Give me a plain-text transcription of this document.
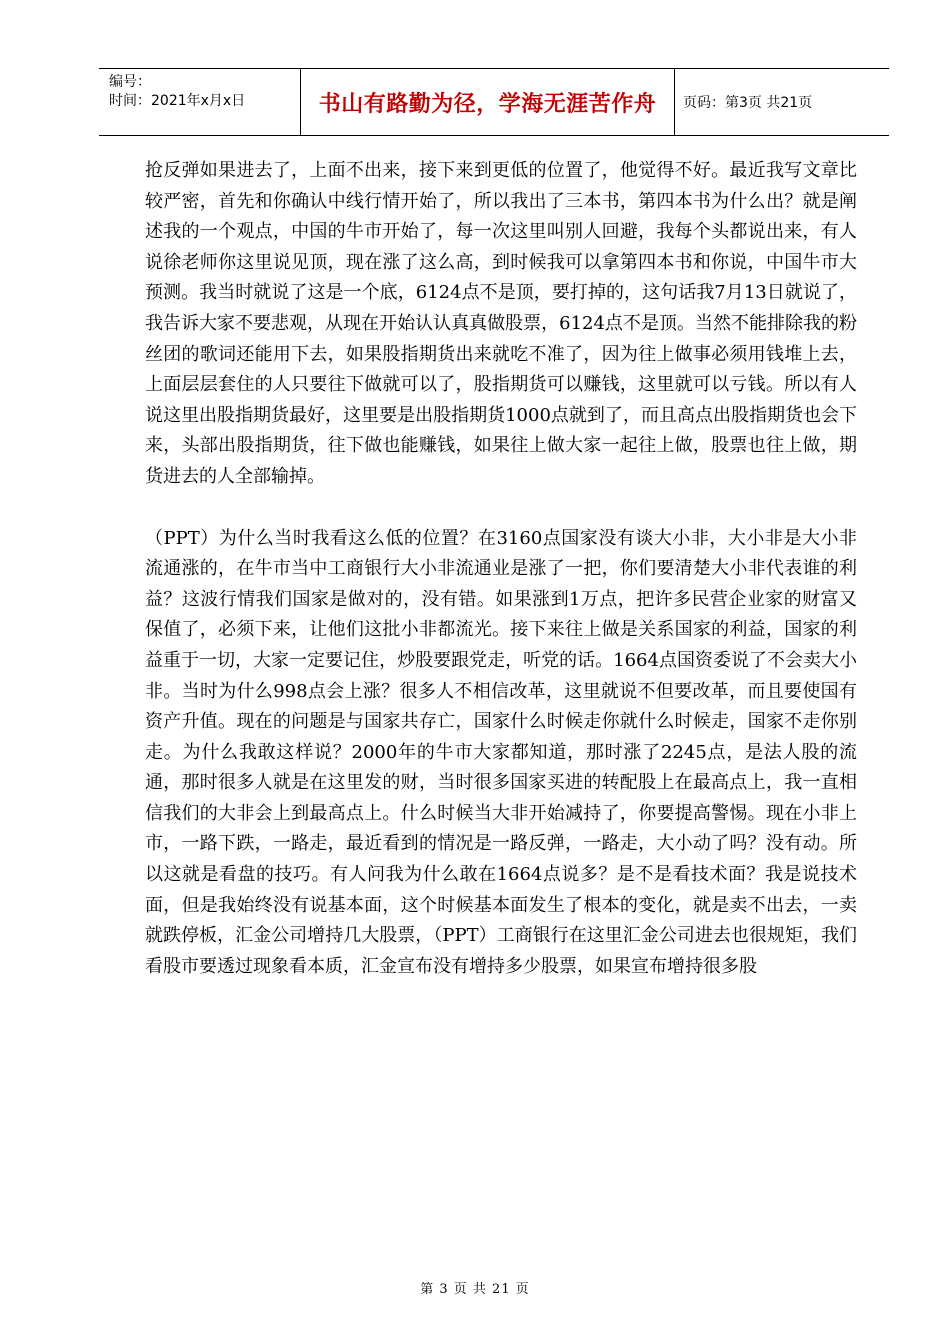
编号：
时间：2021年x月x日	书山有路勤为径，学海无涯苦作舟	页码：第3页 共21页

抢反弹如果进去了，上面不出来，接下来到更低的位置了，他觉得不好。最近我写文章比较严密，首先和你确认中线行情开始了，所以我出了三本书，第四本书为什么出？就是阐述我的一个观点，中国的牛市开始了，每一次这里叫别人回避，我每个头都说出来，有人说徐老师你这里说见顶，现在涨了这么高，到时候我可以拿第四本书和你说，中国牛市大预测。我当时就说了这是一个底，6124点不是顶，要打掉的，这句话我7月13日就说了，我告诉大家不要悲观，从现在开始认认真真做股票，6124点不是顶。当然不能排除我的粉丝团的歌词还能用下去，如果股指期货出来就吃不准了，因为往上做事必须用钱堆上去，上面层层套住的人只要往下做就可以了，股指期货可以赚钱，这里就可以亏钱。所以有人说这里出股指期货最好，这里要是出股指期货1000点就到了，而且高点出股指期货也会下来，头部出股指期货，往下做也能赚钱，如果往上做大家一起往上做，股票也往上做，期货进去的人全部输掉。

（PPT）为什么当时我看这么低的位置？在3160点国家没有谈大小非，大小非是大小非流通涨的，在牛市当中工商银行大小非流通业是涨了一把，你们要清楚大小非代表谁的利益？这波行情我们国家是做对的，没有错。如果涨到1万点，把许多民营企业家的财富又保值了，必须下来，让他们这批小非都流光。接下来往上做是关系国家的利益，国家的利益重于一切，大家一定要记住，炒股要跟党走，听党的话。1664点国资委说了不会卖大小非。当时为什么998点会上涨？很多人不相信改革，这里就说不但要改革，而且要使国有资产升值。现在的问题是与国家共存亡，国家什么时候走你就什么时候走，国家不走你别走。为什么我敢这样说？2000年的牛市大家都知道，那时涨了2245点，是法人股的流通，那时很多人就是在这里发的财，当时很多国家买进的转配股上在最高点上，我一直相信我们的大非会上到最高点上。什么时候当大非开始减持了，你要提高警惕。现在小非上市，一路下跌，一路走，最近看到的情况是一路反弹，一路走，大小动了吗？没有动。所以这就是看盘的技巧。有人问我为什么敢在1664点说多？是不是看技术面？我是说技术面，但是我始终没有说基本面，这个时候基本面发生了根本的变化，就是卖不出去，一卖就跌停板，汇金公司增持几大股票，（PPT）工商银行在这里汇金公司进去也很规矩，我们看股市要透过现象看本质，汇金宣布没有增持多少股票，如果宣布增持很多股

第 3 页 共 21 页
